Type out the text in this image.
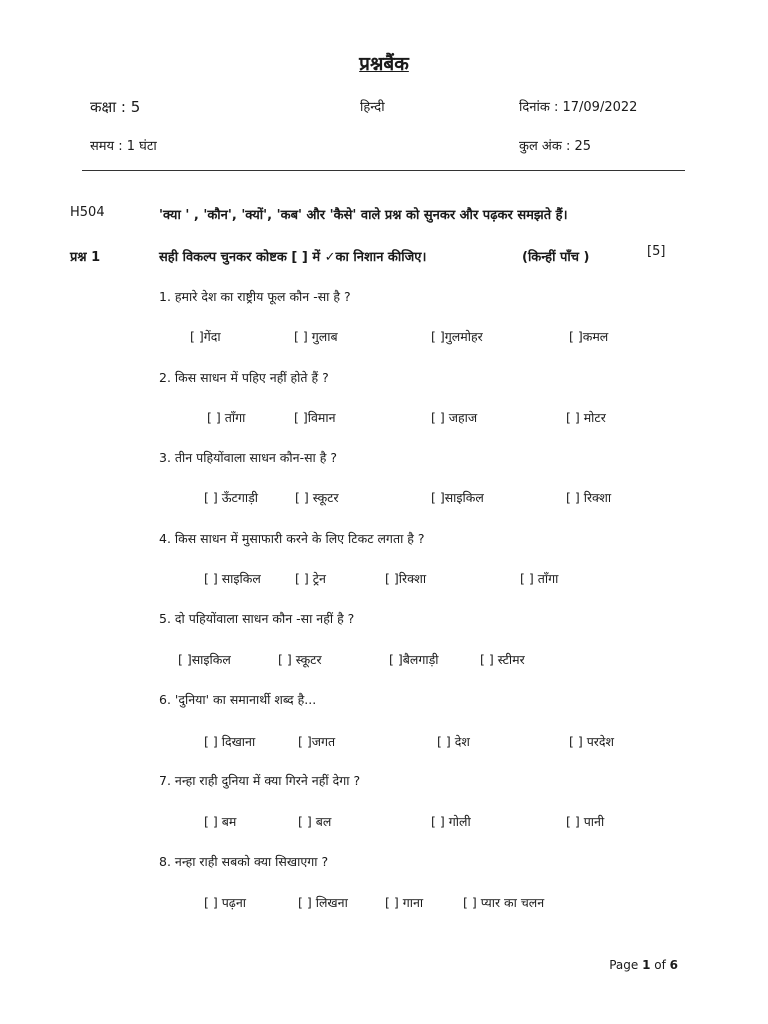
प्रश्नबैंक
कक्षा : 5	हिन्दी	दिनांक : 17/09/2022
समय : 1 घंटा	कुल अंक : 25
H504	'क्या ' , 'कौन', 'क्यों', 'कब' और 'कैसे' वाले प्रश्न को सुनकर और पढ़कर समझते हैं।
प्रश्न 1	सही विकल्प चुनकर कोष्टक [ ] में ✓का निशान कीजिए।	(किन्हीं पाँच )	[5]
1. हमारे देश का राष्ट्रीय फूल कौन -सा है ?
[ ]गेंदा	[ ] गुलाब	[ ]गुलमोहर	[ ]कमल
2. किस साधन में पहिए नहीं होते हैं ?
[ ] ताँगा	[ ]विमान	[ ] जहाज	[ ] मोटर
3. तीन पहियोंवाला साधन कौन-सा है ?
[ ] ऊँटगाड़ी	[ ] स्कूटर	[ ]साइकिल	[ ] रिक्शा
4. किस साधन में मुसाफारी करने के लिए टिकट लगता है ?
[ ] साइकिल	[ ] ट्रेन	[ ]रिक्शा	[ ] ताँगा
5. दो पहियोंवाला साधन कौन -सा नहीं है ?
[ ]साइकिल	[ ] स्कूटर	[ ]बैलगाड़ी	[ ] स्टीमर
6. 'दुनिया' का समानार्थी शब्द है...
[ ] दिखाना	[ ]जगत	[ ] देश	[ ] परदेश
7. नन्हा राही दुनिया में क्या गिरने नहीं देगा ?
[ ] बम	[ ] बल	[ ] गोली	[ ] पानी
8. नन्हा राही सबको क्या सिखाएगा ?
[ ] पढ़ना	[ ] लिखना	[ ] गाना	[ ] प्यार का चलन
Page 1 of 6
